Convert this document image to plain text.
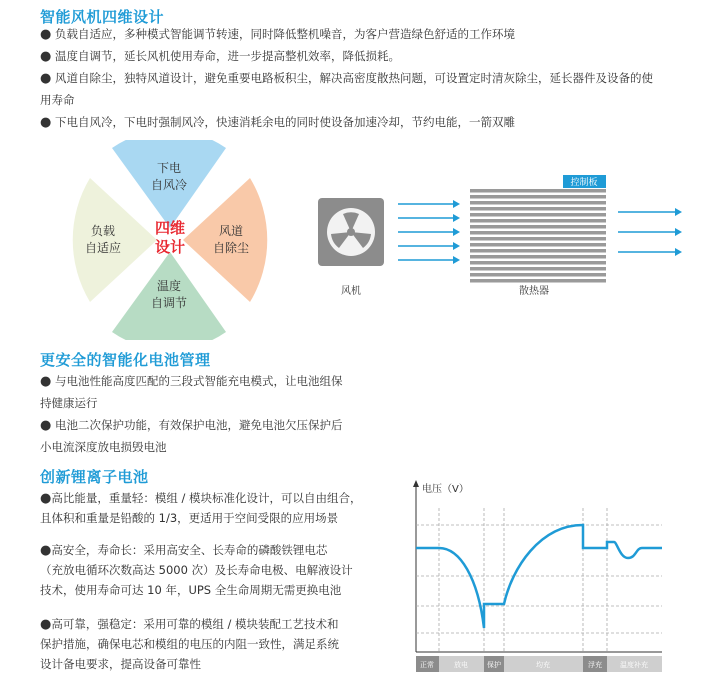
智能风机四维设计
● 负载自适应，多种模式智能调节转速，同时降低整机噪音，为客户营造绿色舒适的工作环境
● 温度自调节，延长风机使用寿命，进一步提高整机效率，降低损耗。
● 风道自除尘，独特风道设计，避免重要电路板积尘，解决高密度散热问题，可设置定时清灰除尘，延长器件及设备的使
用寿命
● 下电自风冷，下电时强制风冷，快速消耗余电的同时使设备加速冷却，节约电能，一箭双雕
下电
自风冷
负载
自适应
风道
自除尘
温度
自调节
四维
设计
控制板
风机	散热器
更安全的智能化电池管理
● 与电池性能高度匹配的三段式智能充电模式，让电池组保
持健康运行
● 电池二次保护功能，有效保护电池，避免电池欠压保护后
小电流深度放电损毁电池
创新锂离子电池
●高比能量，重量轻：模组 / 模块标准化设计，可以自由组合，
且体积和重量是铅酸的 1/3，更适用于空间受限的应用场景
●高安全，寿命长：采用高安全、长寿命的磷酸铁锂电芯
（充放电循环次数高达 5000 次）及长寿命电极、电解液设计
技术，使用寿命可达 10 年，UPS 全生命周期无需更换电池
●高可靠，强稳定：采用可靠的模组 / 模块装配工艺技术和
保护措施，确保电芯和模组的电压的内阻一致性，满足系统
设计备电要求，提高设备可靠性
电压（V）
正常	放电	保护	均充	浮充	温度补充
